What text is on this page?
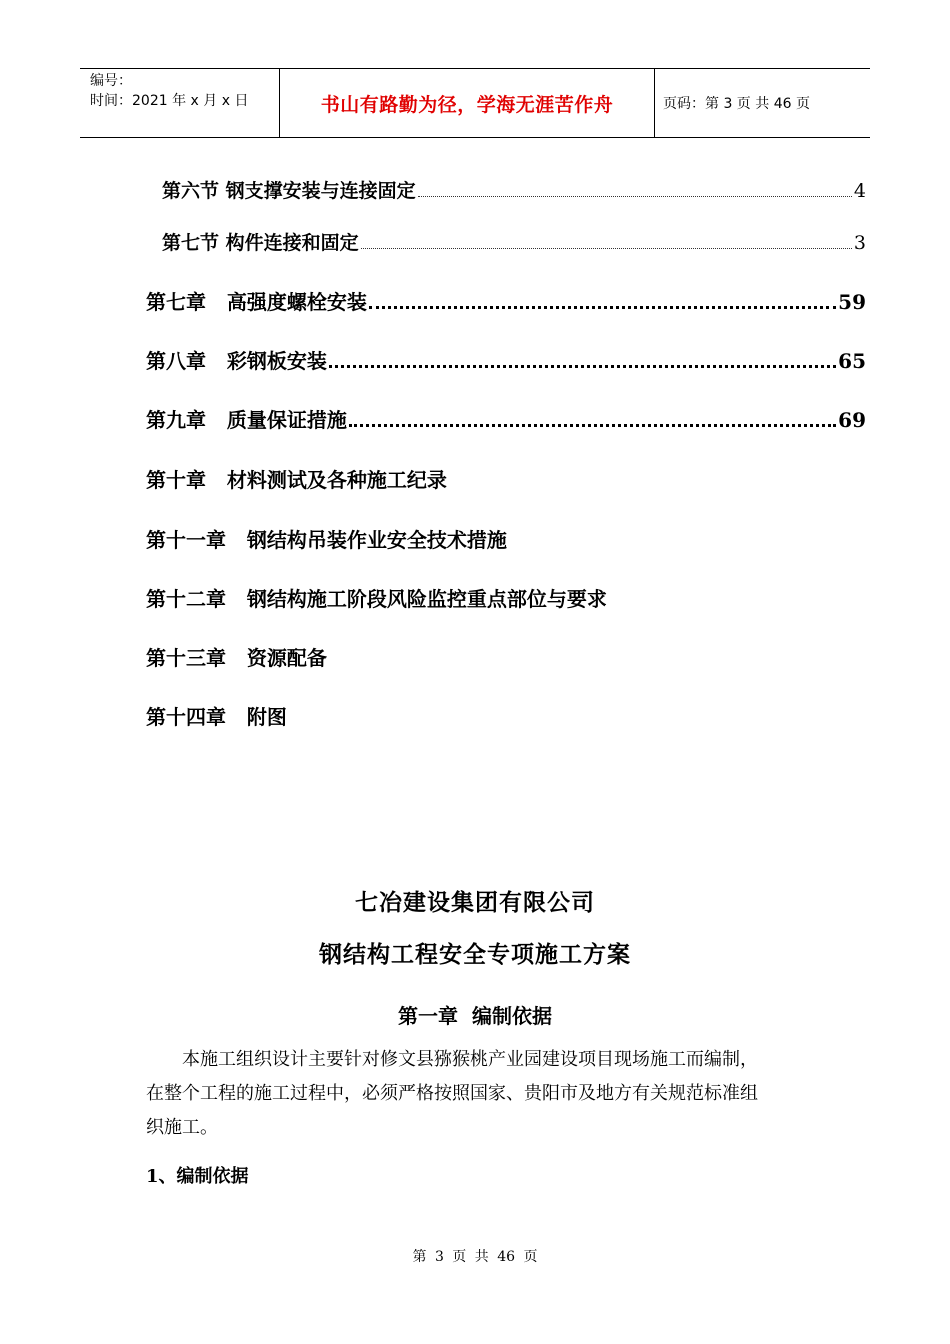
编号：
时间：2021 年 x 月 x 日	书山有路勤为径，学海无涯苦作舟	页码：第 3 页 共 46 页
第六节 钢支撑安装与连接固定	4
第七节 构件连接和固定	3
第七章   高强度螺栓安装	59
第八章   彩钢板安装	65
第九章   质量保证措施	69
第十章   材料测试及各种施工纪录
第十一章   钢结构吊装作业安全技术措施
第十二章   钢结构施工阶段风险监控重点部位与要求
第十三章   资源配备
第十四章   附图
七冶建设集团有限公司
钢结构工程安全专项施工方案
第一章  编制依据
本施工组织设计主要针对修文县猕猴桃产业园建设项目现场施工而编制，
在整个工程的施工过程中，必须严格按照国家、贵阳市及地方有关规范标准组
织施工。
1、编制依据
第 3 页 共 46 页
